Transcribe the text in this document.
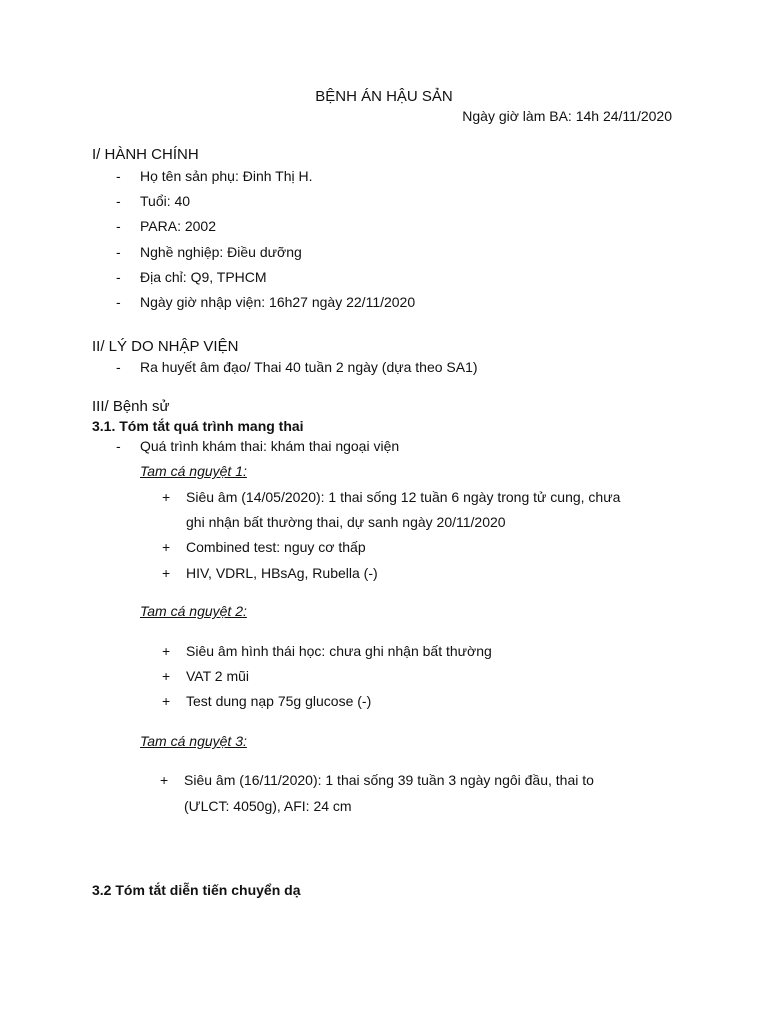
BỆNH ÁN HẬU SẢN
Ngày giờ làm BA: 14h 24/11/2020
I/ HÀNH CHÍNH
- Họ tên sản phụ: Đinh Thị H.
- Tuổi: 40
- PARA: 2002
- Nghề nghiệp: Điều dưỡng
- Địa chỉ: Q9, TPHCM
- Ngày giờ nhập viện: 16h27 ngày 22/11/2020
II/ LÝ DO NHẬP VIỆN
- Ra huyết âm đạo/ Thai 40 tuần 2 ngày (dựa theo SA1)
III/ Bệnh sử
3.1. Tóm tắt quá trình mang thai
- Quá trình khám thai: khám thai ngoại viện
Tam cá nguyệt 1:
+ Siêu âm (14/05/2020): 1 thai sống 12 tuần 6 ngày trong tử cung, chưa
ghi nhận bất thường thai, dự sanh ngày 20/11/2020
+ Combined test: nguy cơ thấp
+ HIV, VDRL, HBsAg, Rubella (-)
Tam cá nguyệt 2:
+ Siêu âm hình thái học: chưa ghi nhận bất thường
+ VAT 2 mũi
+ Test dung nạp 75g glucose (-)
Tam cá nguyệt 3:
+ Siêu âm (16/11/2020): 1 thai sống 39 tuần 3 ngày ngôi đầu, thai to
(ƯLCT: 4050g), AFI: 24 cm
3.2 Tóm tắt diễn tiến chuyển dạ
